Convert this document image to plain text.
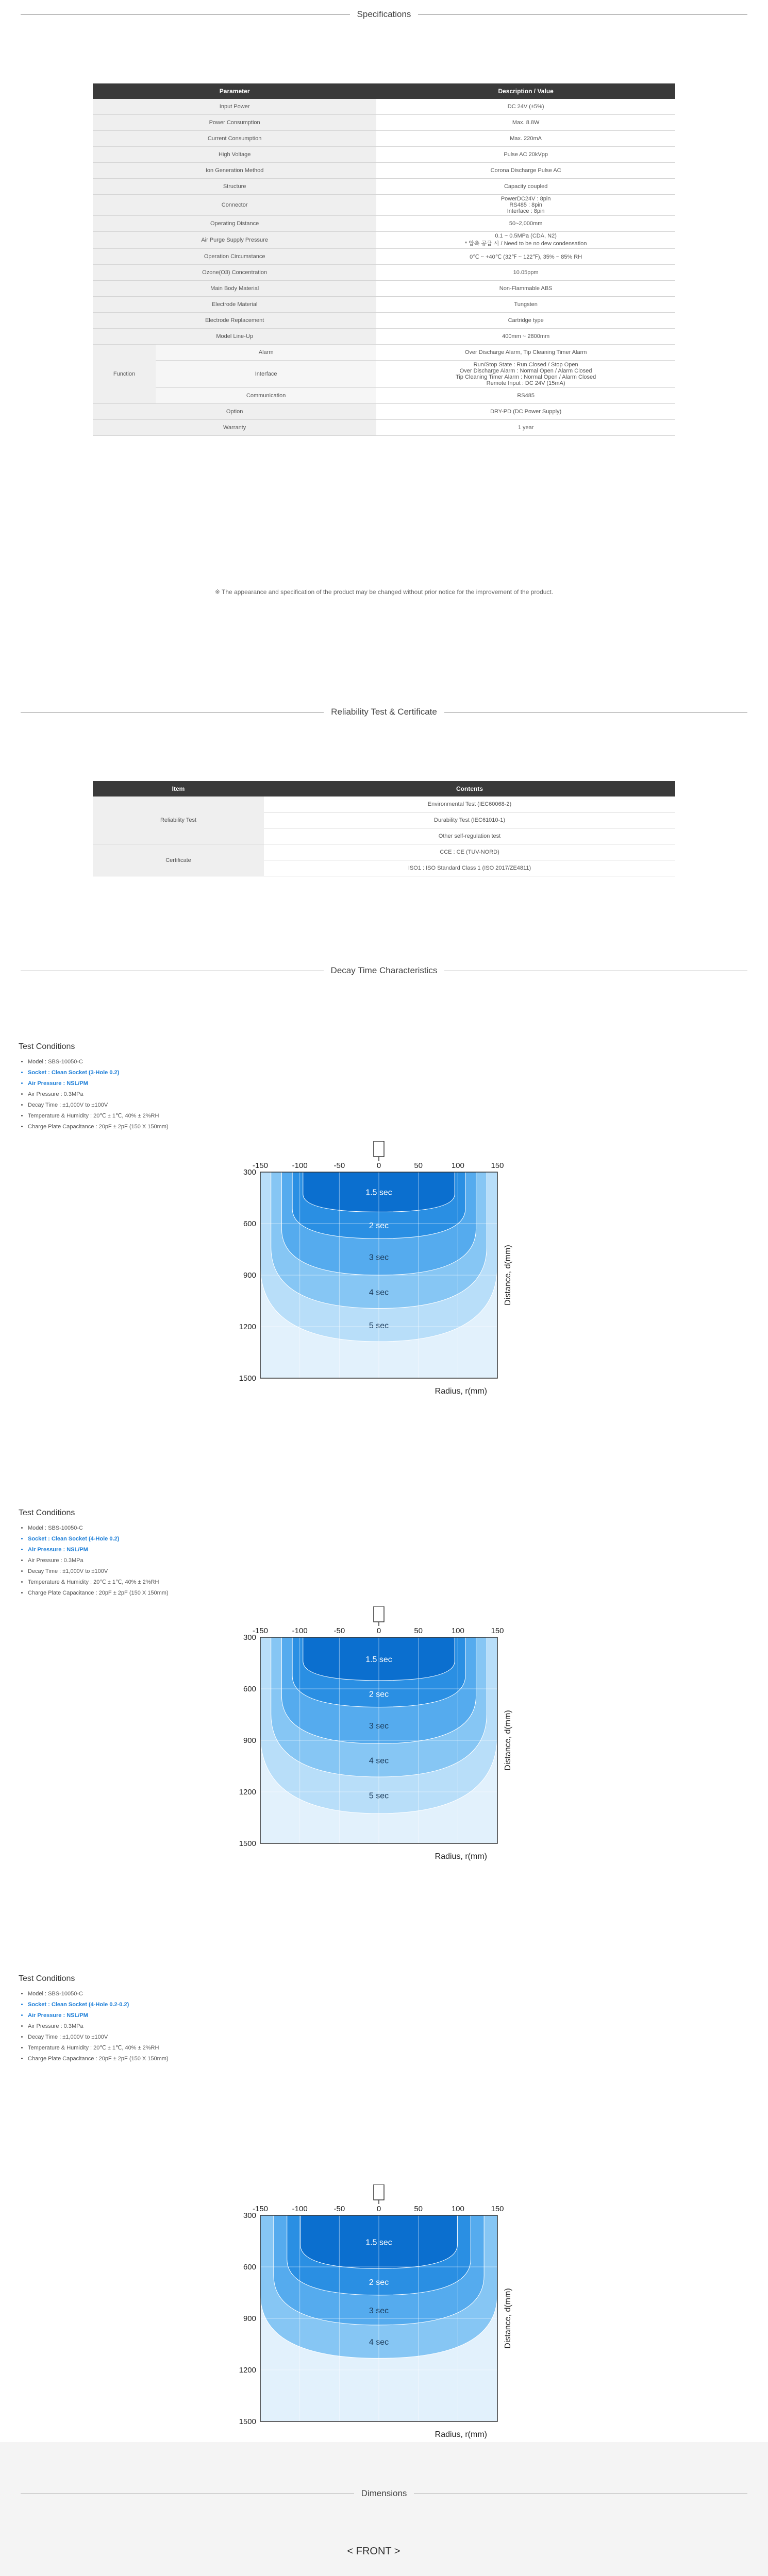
Specifications
Parameter		Description / Value
Input Power		DC 24V (±5%)
Power Consumption		Max. 8.8W
Current Consumption		Max. 220mA
High Voltage		Pulse AC 20kVpp
Ion Generation Method		Corona Discharge Pulse AC
Structure		Capacity coupled
Connector		PowerDC24V : 8pin
RS485 : 8pin
Interface : 8pin
Operating Distance		50~2,000mm
Air Purge Supply Pressure		0.1 ~ 0.5MPa (CDA, N2)
* 압축 공급 시 / Need to be no dew condensation
Operation Circumstance		0℃ ~ +40℃ (32℉ ~ 122℉), 35% ~ 85% RH
Ozone(O3) Concentration		10.05ppm
Main Body Material		Non-Flammable ABS
Electrode Material		Tungsten
Electrode Replacement		Cartridge type
Model Line-Up		400mm ~ 2800mm
Function	Alarm	Over Discharge Alarm, Tip Cleaning Timer Alarm
	Interface	Run/Stop State : Run Closed / Stop Open
Over Discharge Alarm : Normal Open / Alarm Closed
Tip Cleaning Timer Alarm : Normal Open / Alarm Closed
Remote Input : DC 24V (15mA)
	Communication	RS485
Option		DRY-PD (DC Power Supply)
Warranty		1 year
※ The appearance and specification of the product may be changed without prior notice for the improvement of the product.
Reliability Test & Certificate
Item	Contents
Reliability Test	Environmental Test (IEC60068-2)
	Durability Test (IEC61010-1)
	Other self-regulation test
Certificate	CCE : CE (TUV-NORD)
	ISO1 : ISO Standard Class 1 (ISO 2017/ZE4811)
Decay Time Characteristics
Test Conditions
• Model : SBS-10050-C
• Socket : Clean Socket (3-Hole 0.2)
• Air Pressure : NSL/PM
• Air Pressure : 0.3MPa
• Decay Time : ±1,000V to ±100V
• Temperature & Humidity : 20℃ ± 1℃, 40% ± 2%RH
• Charge Plate Capacitance : 20pF ± 2pF (150 X 150mm)
1.5 sec
2 sec
3 sec
4 sec
5 sec
-150	-100	-50	0	50	100	150
300
600
900
1200
1500
Radius, r(mm)
Distance, d(mm)
Test Conditions
• Model : SBS-10050-C
• Socket : Clean Socket (4-Hole 0.2)
• Air Pressure : NSL/PM
• Air Pressure : 0.3MPa
• Decay Time : ±1,000V to ±100V
• Temperature & Humidity : 20℃ ± 1℃, 40% ± 2%RH
• Charge Plate Capacitance : 20pF ± 2pF (150 X 150mm)
1.5 sec
2 sec
3 sec
4 sec
5 sec
-150	-100	-50	0	50	100	150
300
600
900
1200
1500
Radius, r(mm)
Distance, d(mm)
Test Conditions
• Model : SBS-10050-C
• Socket : Clean Socket (4-Hole 0.2-0.2)
• Air Pressure : NSL/PM
• Air Pressure : 0.3MPa
• Decay Time : ±1,000V to ±100V
• Temperature & Humidity : 20℃ ± 1℃, 40% ± 2%RH
• Charge Plate Capacitance : 20pF ± 2pF (150 X 150mm)
1.5 sec
2 sec
3 sec
4 sec
-150	-100	-50	0	50	100	150
300
600
900
1200
1500
Radius, r(mm)
Distance, d(mm)
Dimensions
< FRONT >
